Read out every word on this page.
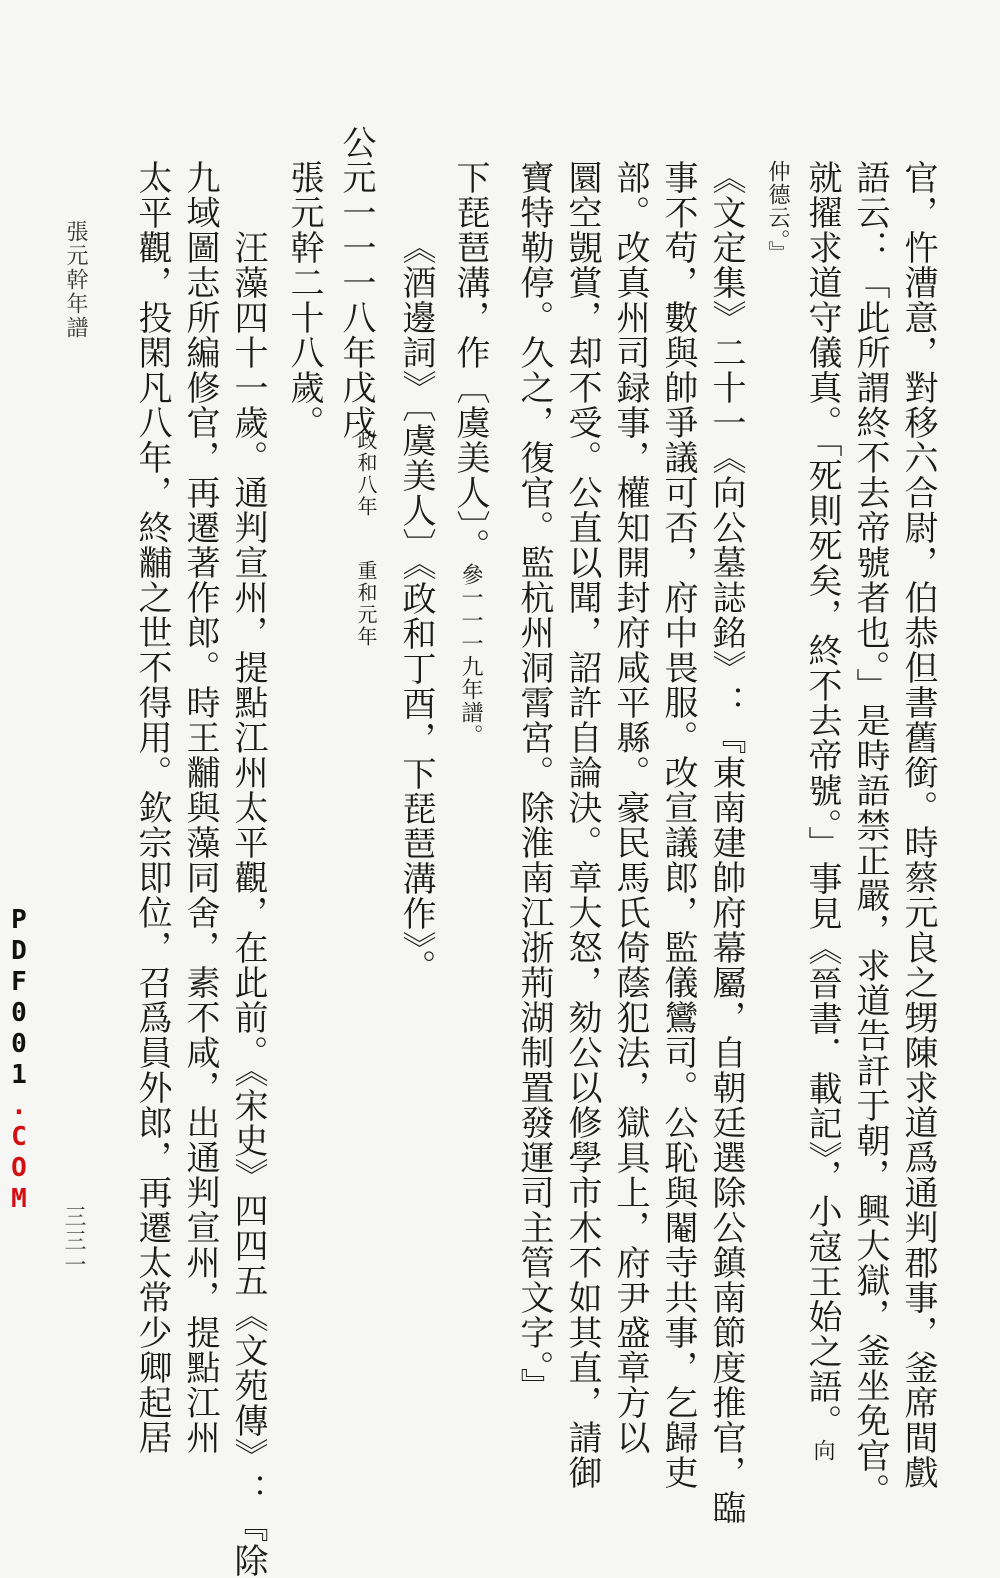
官，忤漕意，對移六合尉，伯恭但書舊銜。時蔡元良之甥陳求道爲通判郡事，釜席間戲
語云：「此所謂終不去帝號者也。」是時語禁正嚴，求道告訐于朝，興大獄，釜坐免官。
就擢求道守儀真。「死則死矣，終不去帝號。」事見《晉書．載記》，小寇王始之語。向
仲德云。』
《文定集》二十一《向公墓誌銘》：『東南建帥府幕屬，自朝廷選除公鎮南節度推官，臨
事不苟，數與帥爭議可否，府中畏服。改宣議郎，監儀鸞司。公恥與閹寺共事，乞歸吏
部。改真州司録事，權知開封府咸平縣。豪民馬氏倚蔭犯法，獄具上，府尹盛章方以
圜空覬賞，却不受。公直以聞，詔許自論決。章大怒，劾公以修學市木不如其直，請御
寶特勒停。久之，復官。監杭州洞霄宮。除淮南江浙荊湖制置發運司主管文字。』
下琵琶溝，作〔虞美人〕。參一一一九年譜。
《酒邊詞》〔虞美人〕《政和丁酉，下琵琶溝作》。
公元一一一八年戊戌
政和八年
重和元年
張元幹二十八歲。
汪藻四十一歲。通判宣州，提點江州太平觀，在此前。《宋史》四四五《文苑傳》：『除
九域圖志所編修官，再遷著作郎。時王黼與藻同舍，素不咸，出通判宣州，提點江州
太平觀，投閑凡八年，終黼之世不得用。欽宗即位，召爲員外郎，再遷太常少卿起居
張元幹年譜
三三一
PDF001.COM
